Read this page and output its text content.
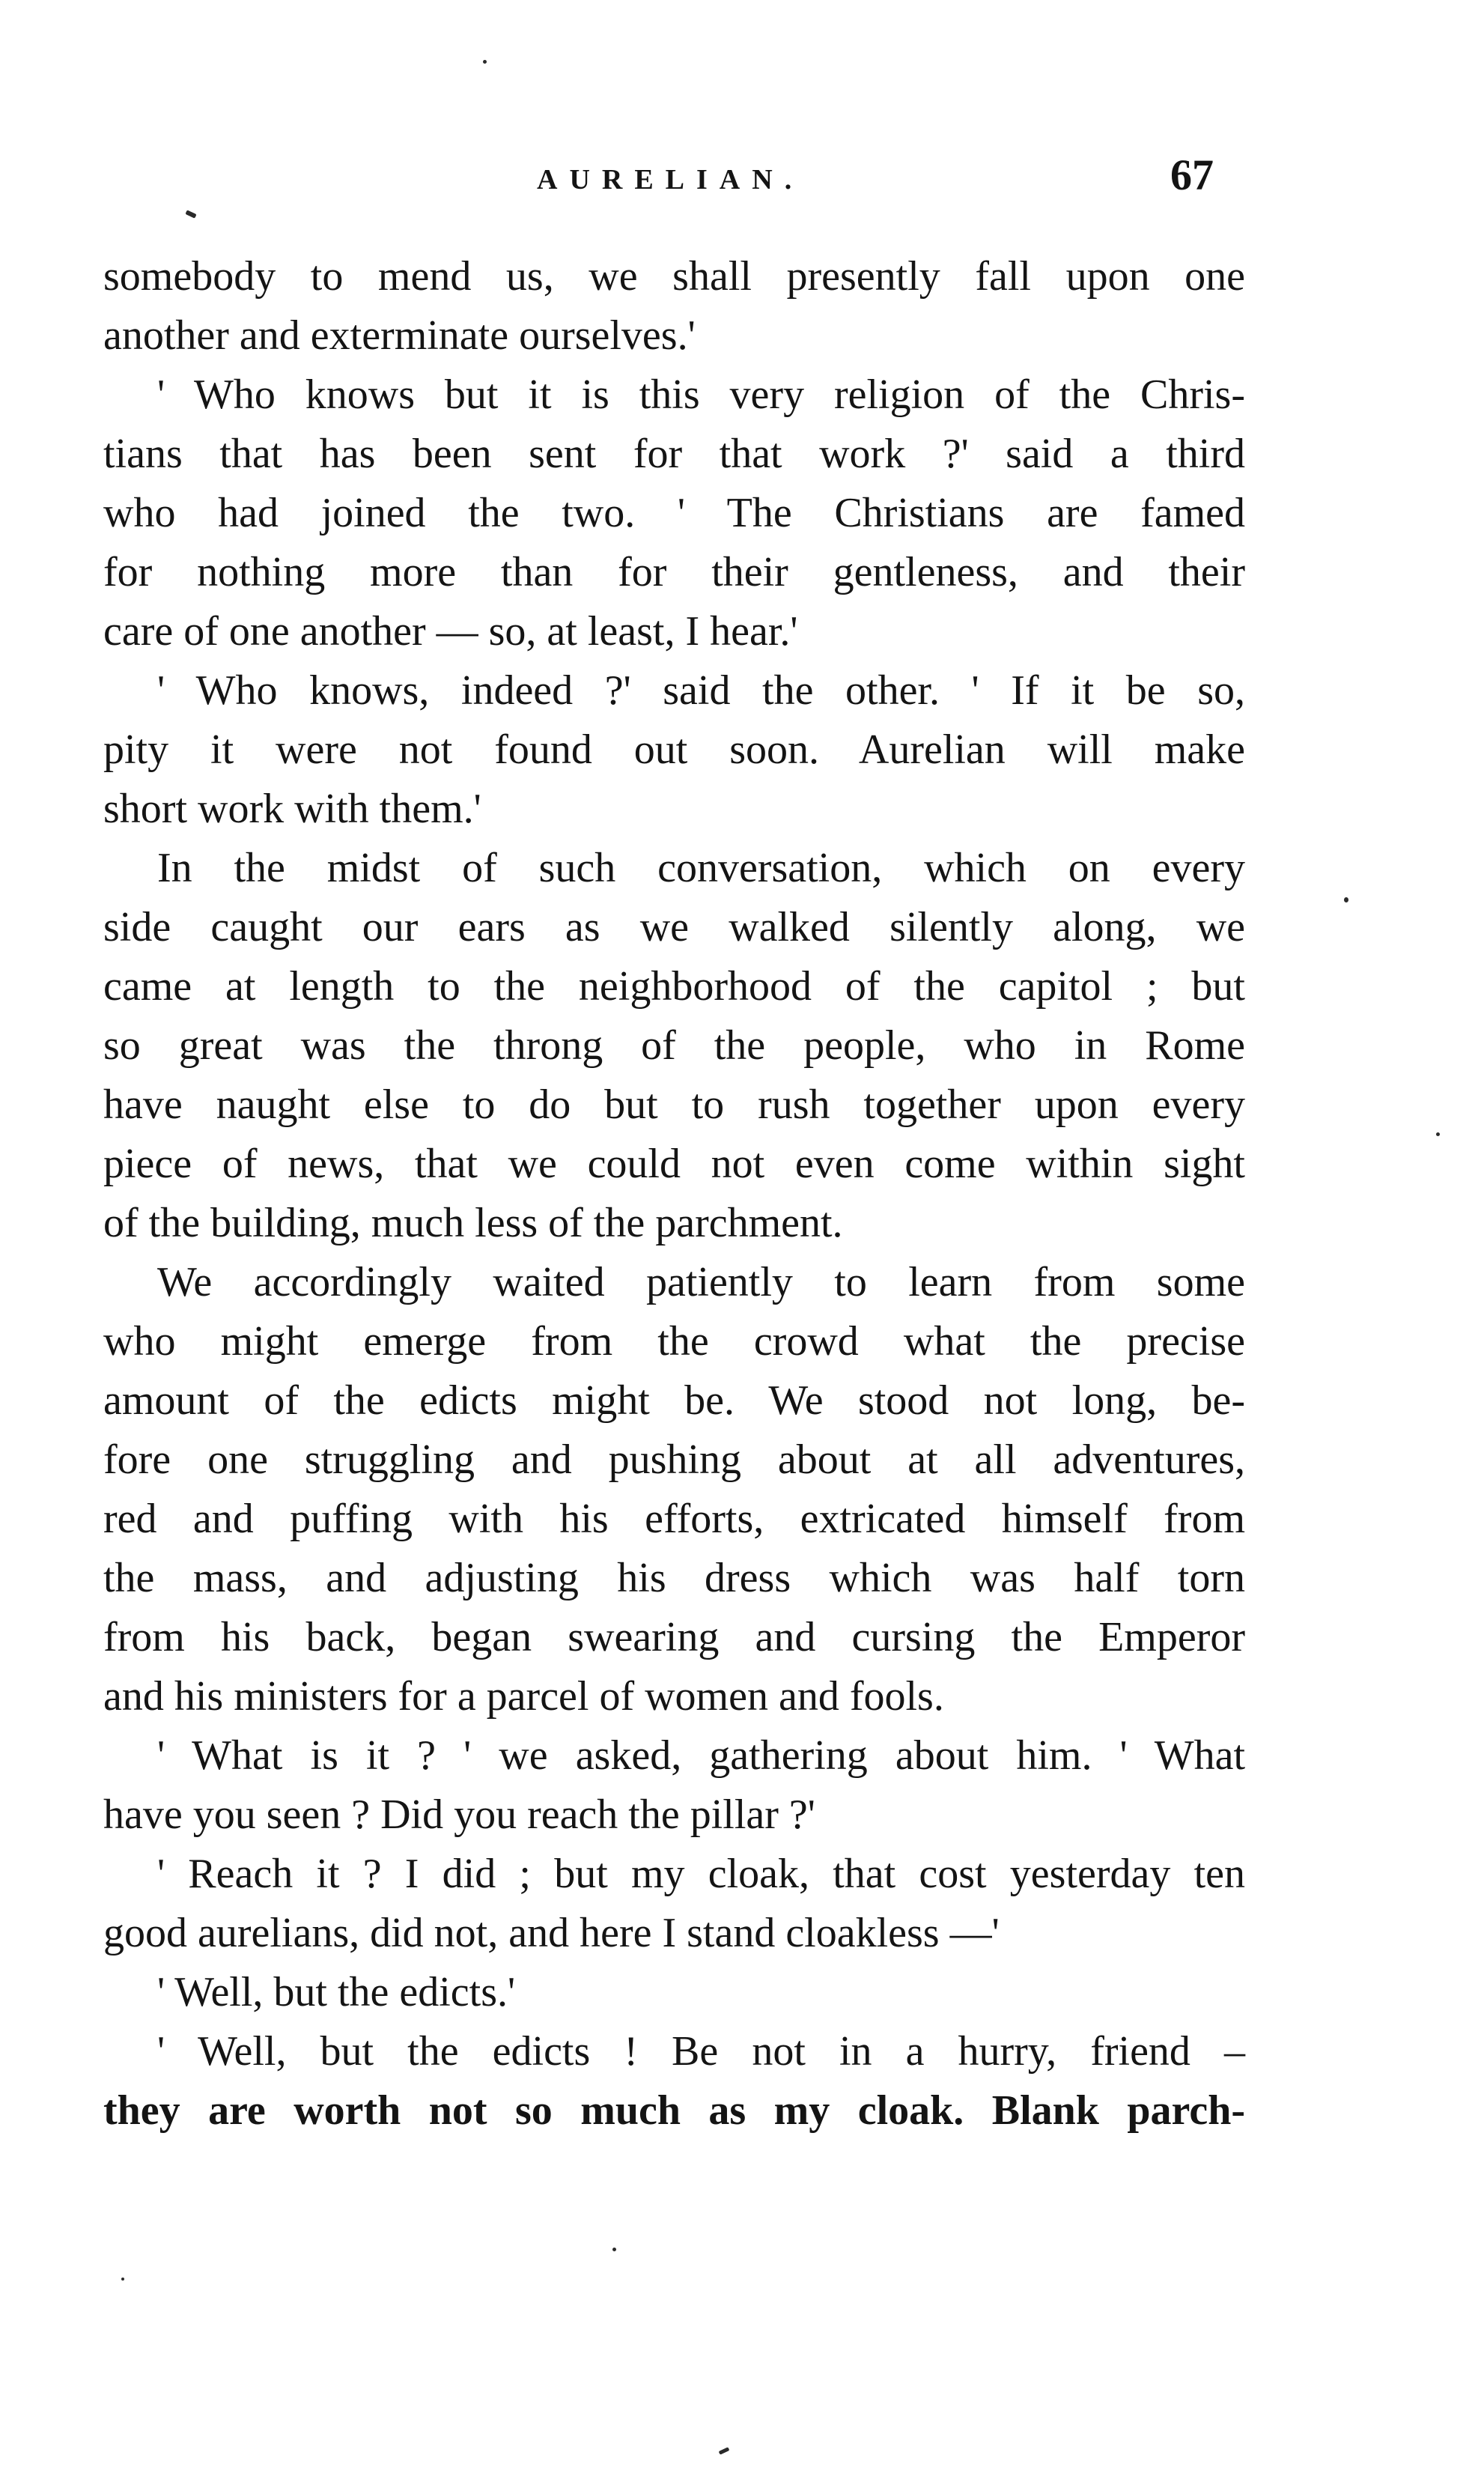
AURELIAN.	67
somebody to mend us, we shall presently fall upon one
another and exterminate ourselves.'
' Who knows but it is this very religion of the Chris-
tians that has been sent for that work ?' said a third
who had joined the two. ' The Christians are famed
for nothing more than for their gentleness, and their
care of one another — so, at least, I hear.'
' Who knows, indeed ?' said the other. ' If it be so,
pity it were not found out soon. Aurelian will make
short work with them.'
In the midst of such conversation, which on every
side caught our ears as we walked silently along, we
came at length to the neighborhood of the capitol ; but
so great was the throng of the people, who in Rome
have naught else to do but to rush together upon every
piece of news, that we could not even come within sight
of the building, much less of the parchment.
We accordingly waited patiently to learn from some
who might emerge from the crowd what the precise
amount of the edicts might be. We stood not long, be-
fore one struggling and pushing about at all adventures,
red and puffing with his efforts, extricated himself from
the mass, and adjusting his dress which was half torn
from his back, began swearing and cursing the Emperor
and his ministers for a parcel of women and fools.
' What is it ? ' we asked, gathering about him. ' What
have you seen ? Did you reach the pillar ?'
' Reach it ? I did ; but my cloak, that cost yesterday ten
good aurelians, did not, and here I stand cloakless —'
' Well, but the edicts.'
' Well, but the edicts ! Be not in a hurry, friend –
they are worth not so much as my cloak. Blank parch-
